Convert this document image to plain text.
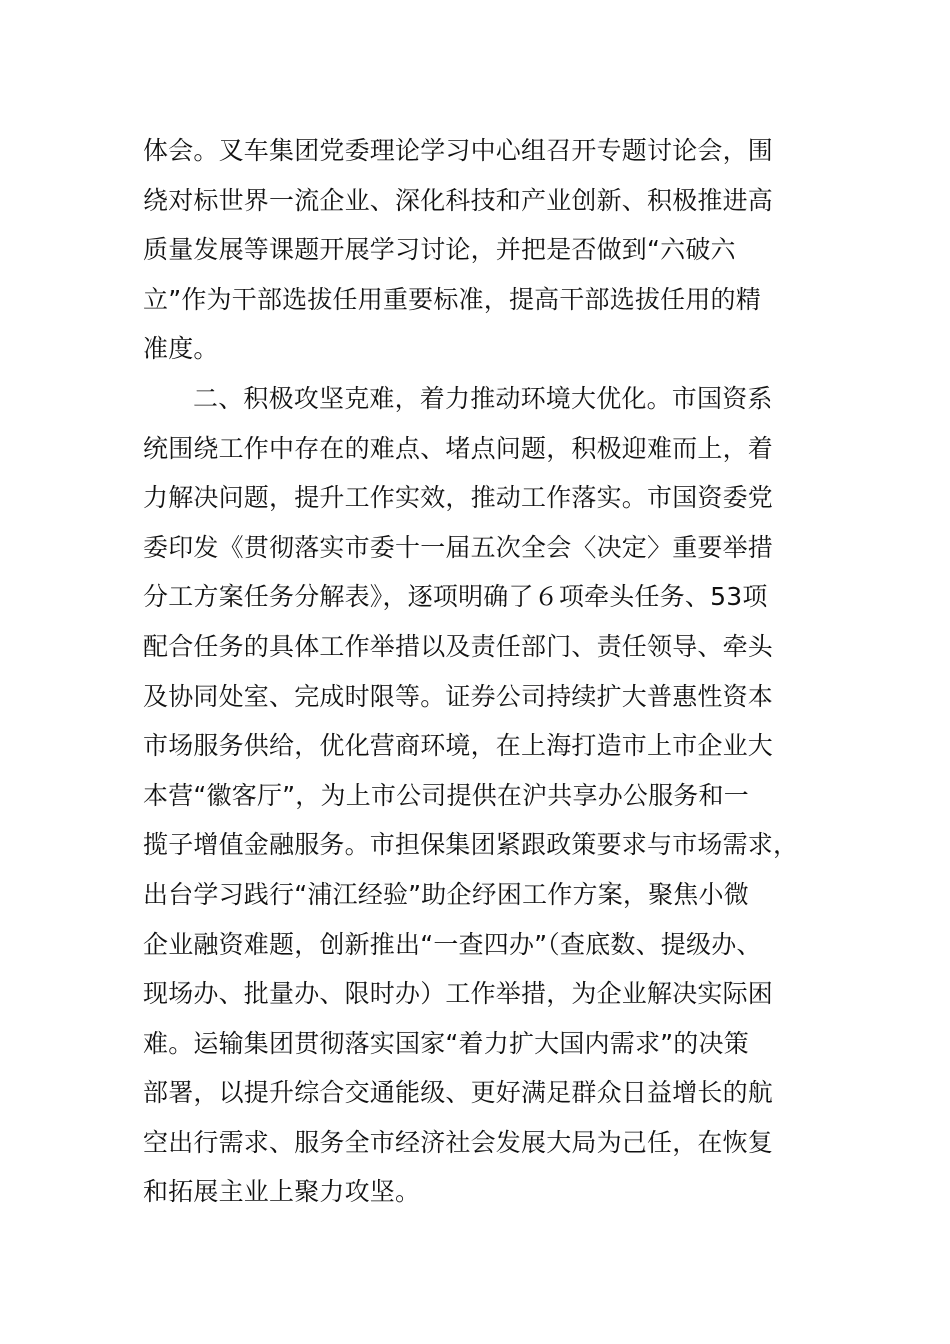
体会。叉车集团党委理论学习中心组召开专题讨论会，围
绕对标世界一流企业、深化科技和产业创新、积极推进高
质量发展等课题开展学习讨论，并把是否做到“六破六
立”作为干部选拔任用重要标准，提高干部选拔任用的精
准度。
二、积极攻坚克难，着力推动环境大优化。市国资系
统围绕工作中存在的难点、堵点问题，积极迎难而上，着
力解决问题，提升工作实效，推动工作落实。市国资委党
委印发《贯彻落实市委十一届五次全会〈决定〉重要举措
分工方案任务分解表》，逐项明确了６项牵头任务、53项
配合任务的具体工作举措以及责任部门、责任领导、牵头
及协同处室、完成时限等。证券公司持续扩大普惠性资本
市场服务供给，优化营商环境，在上海打造市上市企业大
本营“徽客厅”，为上市公司提供在沪共享办公服务和一
揽子增值金融服务。市担保集团紧跟政策要求与市场需求，
出台学习践行“浦江经验”助企纾困工作方案，聚焦小微
企业融资难题，创新推出“一查四办”（查底数、提级办、
现场办、批量办、限时办）工作举措，为企业解决实际困
难。运输集团贯彻落实国家“着力扩大国内需求”的决策
部署，以提升综合交通能级、更好满足群众日益增长的航
空出行需求、服务全市经济社会发展大局为己任，在恢复
和拓展主业上聚力攻坚。
